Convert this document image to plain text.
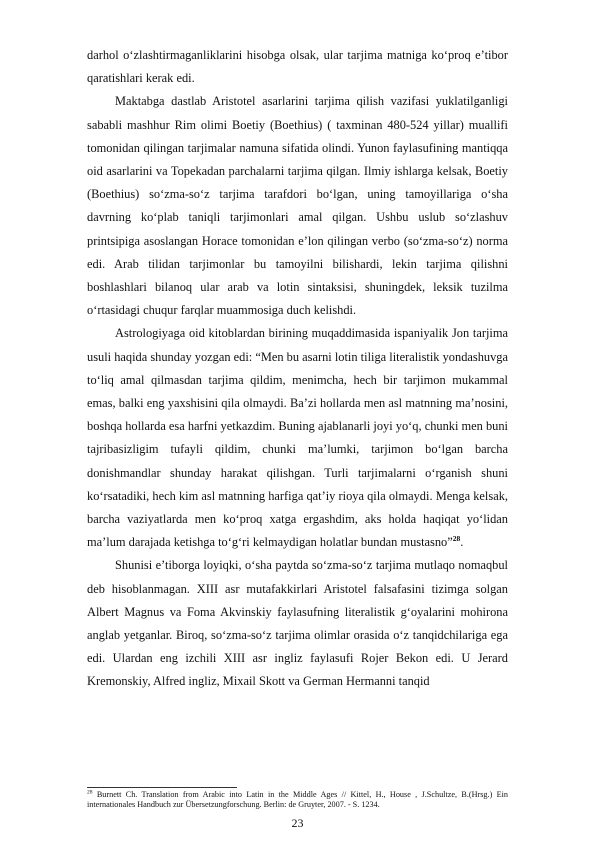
darhol o‘zlashtirmaganliklarini hisobga olsak, ular tarjima matniga ko‘proq e’tibor qaratishlari kerak edi.

Maktabga dastlab Aristotel asarlarini tarjima qilish vazifasi yuklatilganligi sababli mashhur Rim olimi Boetiy (Boethius) ( taxminan 480-524 yillar) muallifi tomonidan qilingan tarjimalar namuna sifatida olindi. Yunon faylasufining mantiqqa oid asarlarini va Topekadan parchalarni tarjima qilgan. Ilmiy ishlarga kelsak, Boetiy (Boethius) so‘zma-so‘z tarjima tarafdori bo‘lgan, uning tamoyillariga o‘sha davrning ko‘plab taniqli tarjimonlari amal qilgan. Ushbu uslub so‘zlashuv printsipiga asoslangan Horace tomonidan e’lon qilingan verbo (so‘zma-so‘z) norma edi. Arab tilidan tarjimonlar bu tamoyilni bilishardi, lekin tarjima qilishni boshlashlari bilanoq ular arab va lotin sintaksisi, shuningdek, leksik tuzilma o‘rtasidagi chuqur farqlar muammosiga duch kelishdi.

Astrologiyaga oid kitoblardan birining muqaddimasida ispaniyalik Jon tarjima usuli haqida shunday yozgan edi: “Men bu asarni lotin tiliga literalistik yondashuvga to‘liq amal qilmasdan tarjima qildim, menimcha, hech bir tarjimon mukammal emas, balki eng yaxshisini qila olmaydi. Ba’zi hollarda men asl matnning ma’nosini, boshqa hollarda esa harfni yetkazdim. Buning ajablanarli joyi yo‘q, chunki men buni tajribasizligim tufayli qildim, chunki ma’lumki, tarjimon bo‘lgan barcha donishmandlar shunday harakat qilishgan. Turli tarjimalarni o‘rganish shuni ko‘rsatadiki, hech kim asl matnning harfiga qat’iy rioya qila olmaydi. Menga kelsak, barcha vaziyatlarda men ko‘proq xatga ergashdim, aks holda haqiqat yo‘lidan ma’lum darajada ketishga to‘g‘ri kelmaydigan holatlar bundan mustasno”$^{28}$.

Shunisi e’tiborga loyiqki, o‘sha paytda so‘zma-so‘z tarjima mutlaqo nomaqbul deb hisoblanmagan. XIII asr mutafakkirlari Aristotel falsafasini tizimga solgan Albert Magnus va Foma Akvinskiy faylasufning literalistik g‘oyalarini mohirona anglab yetganlar. Biroq, so‘zma-so‘z tarjima olimlar orasida o‘z tanqidchilariga ega edi. Ulardan eng izchili XIII asr ingliz faylasufi Rojer Bekon edi. U Jerard Kremonskiy, Alfred ingliz, Mixail Skott va German Hermanni tanqid

$^{28}$ Burnett Ch. Translation from Arabic into Latin in the Middle Ages // Kittel, H., House , J.Schultze, B.(Hrsg.) Ein internationales Handbuch zur Übersetzungforschung. Berlin: de Gruyter, 2007. - S. 1234.
23
